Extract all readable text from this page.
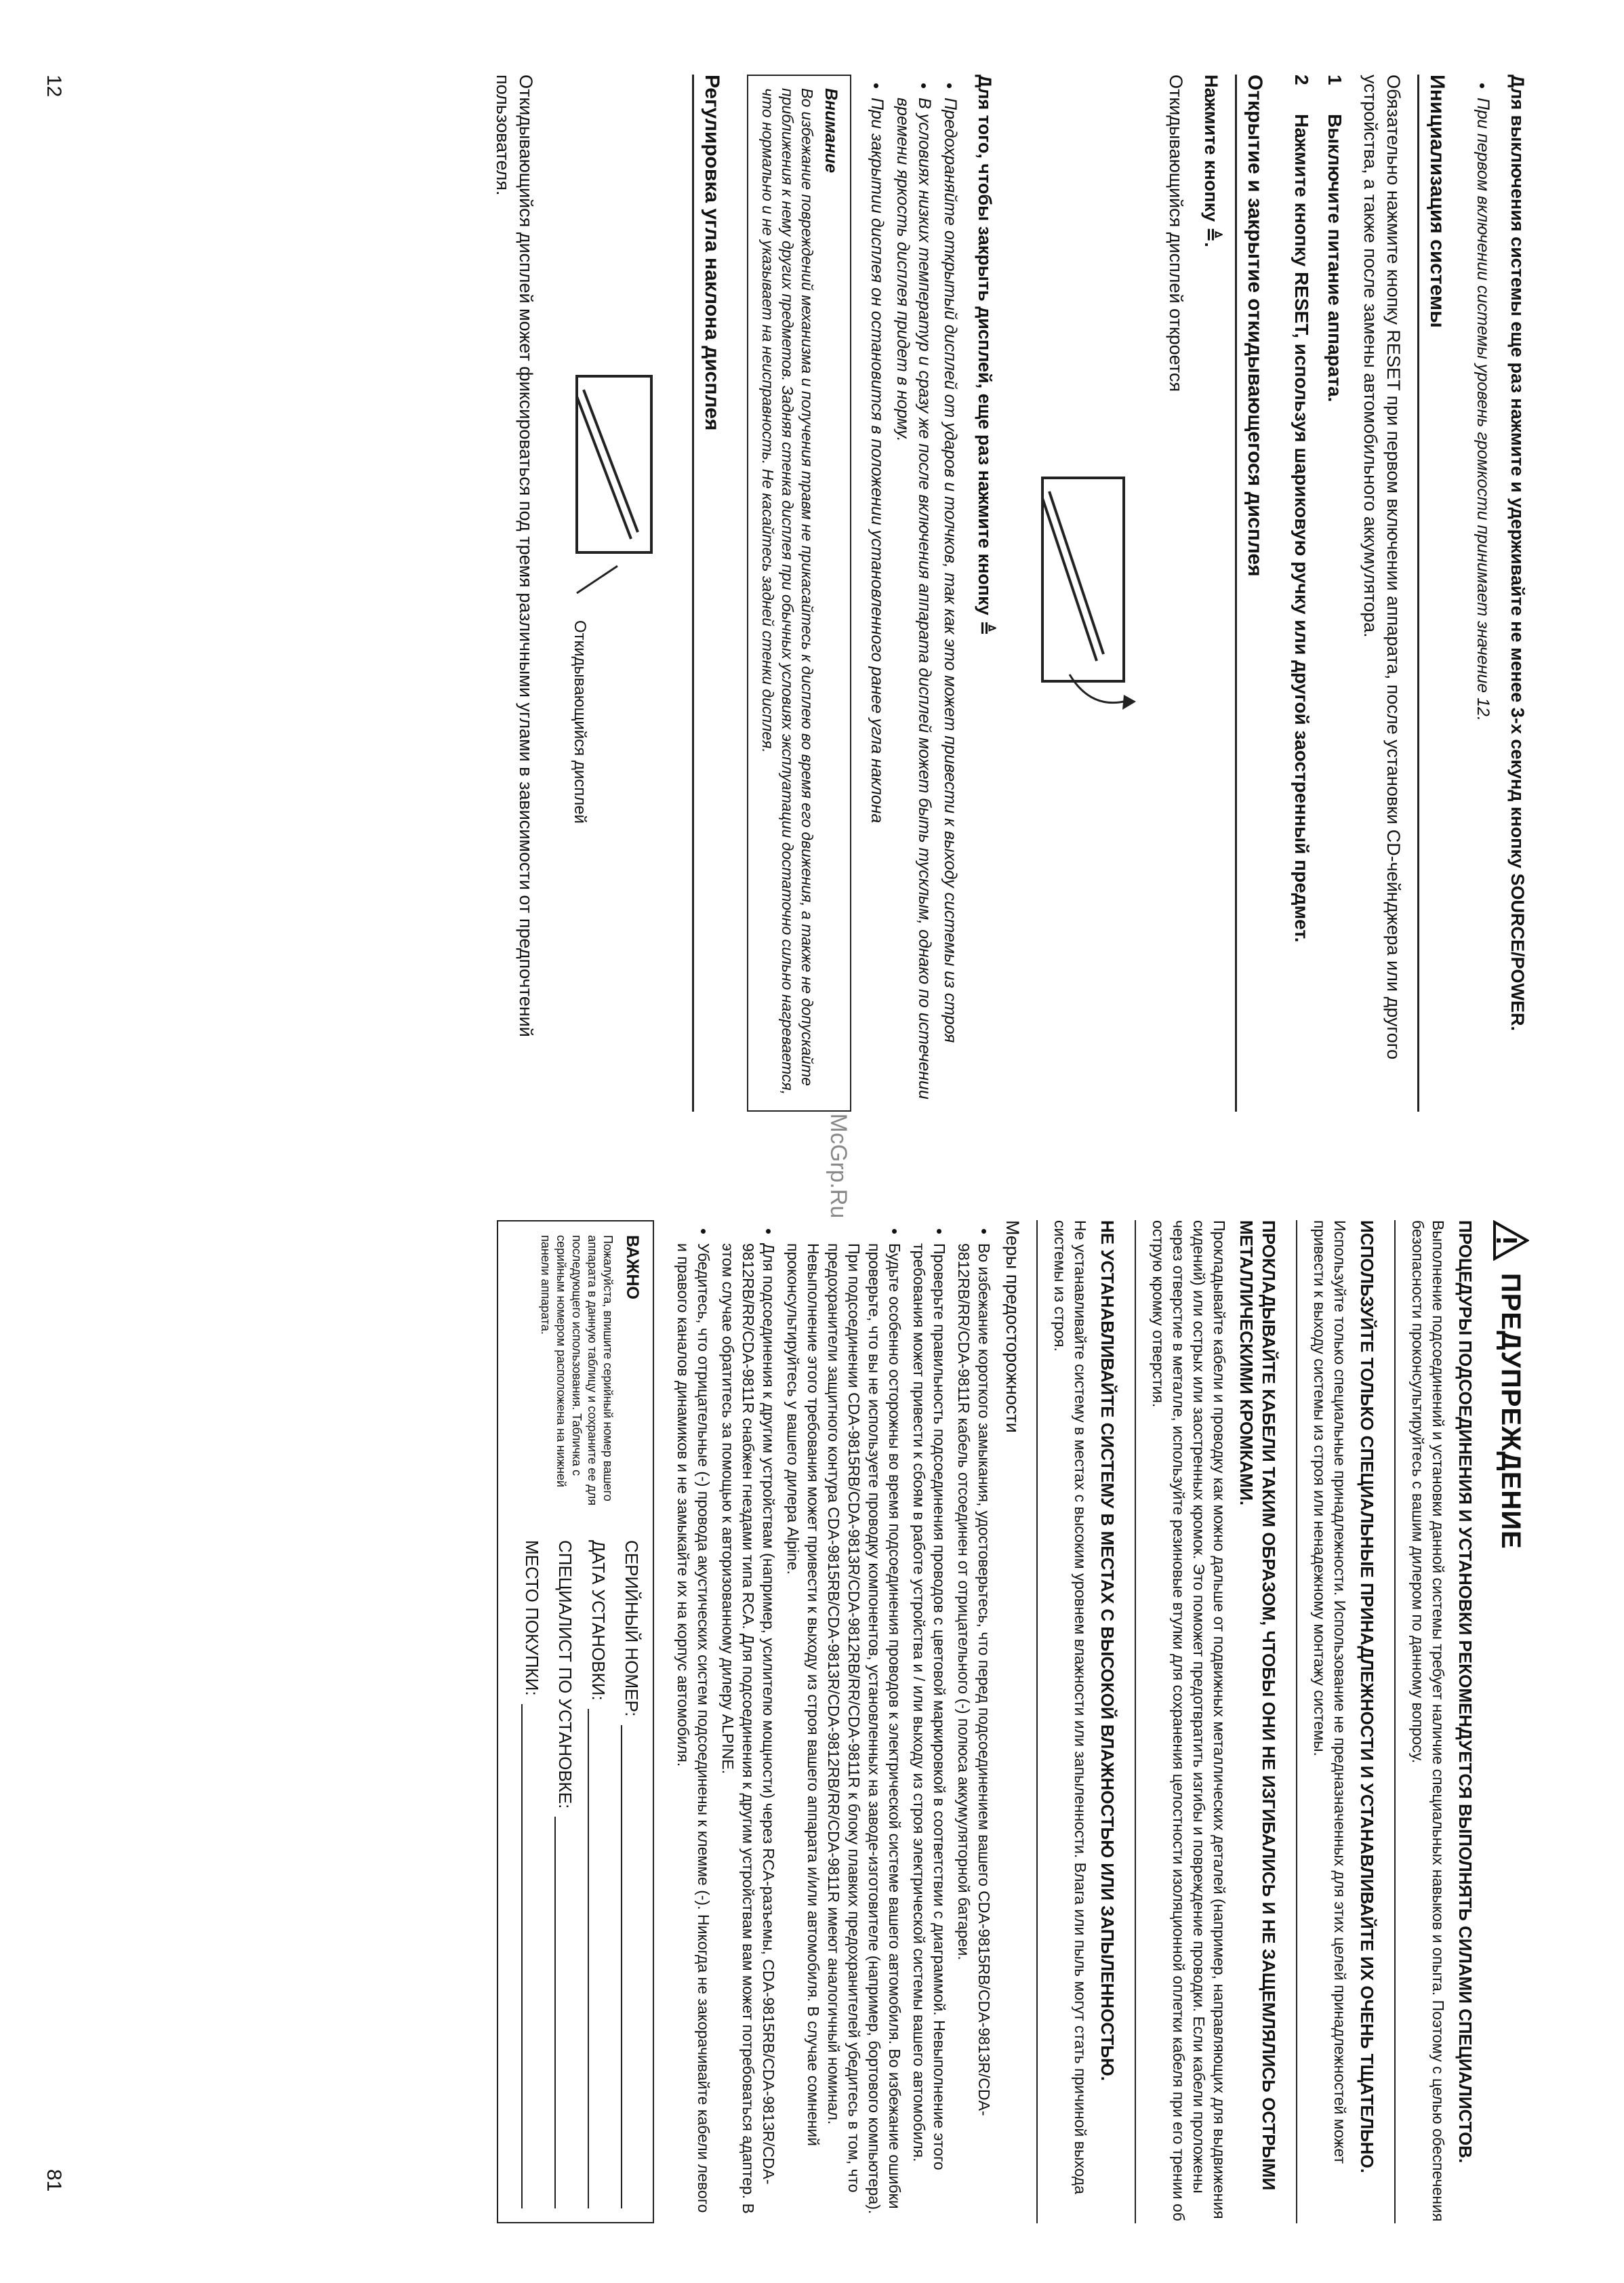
Для выключения системы еще раз нажмите и удерживайте не менее 3-х секунд кнопку SOURCE/POWER.

• При первом включении системы уровень громкости принимает значение 12.
Инициализация системы

Обязательно нажмите кнопку RESET при первом включении аппарата, после установки CD-чейнджера или другого устройства, а также после замены автомобильного аккумулятора.

1
Выключите питание аппарата.
2
Нажмите кнопку RESET, используя шариковую ручку или другой заостренный предмет.
Открытие и закрытие откидывающегося дисплея

Нажмите кнопку ≜.

Откидывающийся дисплей откроется

Для того, чтобы закрыть дисплей, еще раз нажмите кнопку ≜

• Предохраняйте открытый дисплей от ударов и толчков, так как это может привести к выходу системы из строя
• В условиях низких температур и сразу же после включения аппарата дисплей может быть тусклым, однако по истечении времени яркость дисплея придет в норму.
• При закрытии дисплея он остановится в положении установленного ранее угла наклона
Внимание
Во избежание повреждений механизма и получения травм не прикасайтесь к дисплею во время его движения, а также не допускайте приближения к нему других предметов. Задняя стенка дисплея при обычных условиях эксплуатации достаточно сильно нагревается, что нормально и не указывает на неисправность. Не касайтесь задней стенки дисплея.
Регулировка угла наклона дисплея
Откидывающийся дисплей

Откидывающийся дисплей может фиксироваться под тремя различными углами в зависимости от предпочтений пользователя.

12
McGrp.Ru
ПРЕДУПРЕЖДЕНИЕ

ПРОЦЕДУРЫ ПОДСОЕДИНЕНИЯ И УСТАНОВКИ РЕКОМЕНДУЕТСЯ ВЫПОЛНЯТЬ СИЛАМИ СПЕЦИАЛИСТОВ.

Выполнение подсоединений и установки данной системы требует наличие специальных навыков и опыта. Поэтому с целью обеспечения безопасности проконсультируйтесь с вашим дилером по данному вопросу.

ИСПОЛЬЗУЙТЕ ТОЛЬКО СПЕЦИАЛЬНЫЕ ПРИНАДЛЕЖНОСТИ И УСТАНАВЛИВАЙТЕ ИХ ОЧЕНЬ ТЩАТЕЛЬНО.

Используйте только специальные принадлежности. Использование не предназначенных для этих целей принадлежностей может привести к выходу системы из строя или ненадежному монтажу системы.

ПРОКЛАДЫВАЙТЕ КАБЕЛИ ТАКИМ ОБРАЗОМ, ЧТОБЫ ОНИ НЕ ИЗГИБАЛИСЬ И НЕ ЗАЩЕМЛЯЛИСЬ ОСТРЫМИ МЕТАЛЛИЧЕСКИМИ КРОМКАМИ.

Прокладывайте кабели и проводку как можно дальше от подвижных металлических деталей (например, направляющих для выдвижения сидений) или острых или заостренных кромок. Это поможет предотвратить изгибы и повреждение проводки. Если кабели проложены через отверстие в металле, используйте резиновые втулки для сохранения целостности изоляционной оплетки кабеля при его трении об острую кромку отверстия.

НЕ УСТАНАВЛИВАЙТЕ СИСТЕМУ В МЕСТАХ С ВЫСОКОЙ ВЛАЖНОСТЬЮ ИЛИ ЗАПЫЛЕННОСТЬЮ.

Не устанавливайте систему в местах с высоким уровнем влажности или запыленности. Влага или пыль могут стать причиной выхода системы из строя.

Меры предосторожности

• Во избежание короткого замыкания, удостоверьтесь, что перед подсоединением вашего CDA-9815RB/CDA-9813R/CDA-9812RB/RR/CDA-9811R кабель отсоединен от отрицательного (-) полюса аккумуляторной батареи.
• Проверьте правильность подсоединения проводов с цветовой маркировкой в соответствии с диаграммой. Невыполнение этого требования может привести к сбоям в работе устройства и / или выходу из строя электрической системы вашего автомобиля.
• Будьте особенно осторожны во время подсоединения проводов к электрической системе вашего автомобиля. Во избежание ошибки проверьте, что вы не используете проводку компонентов, установленных на заводе-изготовителе (например, бортового компьютера). При подсоединении CDA-9815RB/CDA-9813R/CDA-9812RB/RR/CDA-9811R к блоку плавких предохранителей убедитесь в том, что предохранители защитного контура CDA-9815RB/CDA-9813R/CDA-9812RB/RR/CDA-9811R имеют аналогичный номинал. Невыполнение этого требования может привести к выходу из строя вашего аппарата и/или автомобиля. В случае сомнений проконсультируйтесь у вашего дилера Alpine.
• Для подсоединения к другим устройствам (например, усилителю мощности) через RCA-разъемы, CDA-9815RB/CDA-9813R/CDA-9812RB/RR/CDA-9811R снабжен гнездами типа RCA. Для подсоединения к другим устройствам вам может потребоваться адаптер. В этом случае обратитесь за помощью к авторизованному дилеру ALPINE.
• Убедитесь, что отрицательные (-) провода акустических систем подсоединены к клемме (-). Никогда не закорачивайте кабели левого и правого каналов динамиков и не замыкайте их на корпус автомобиля.
ВАЖНО
Пожалуйста, впишите серийный номер вашего аппарата в данную таблицу и сохраните ее для последующего использования. Табличка с серийным номером расположена на нижней панели аппарата.
СЕРИЙНЫЙ НОМЕР:
ДАТА УСТАНОВКИ:
СПЕЦИАЛИСТ ПО УСТАНОВКЕ:
МЕСТО ПОКУПКИ:
81
